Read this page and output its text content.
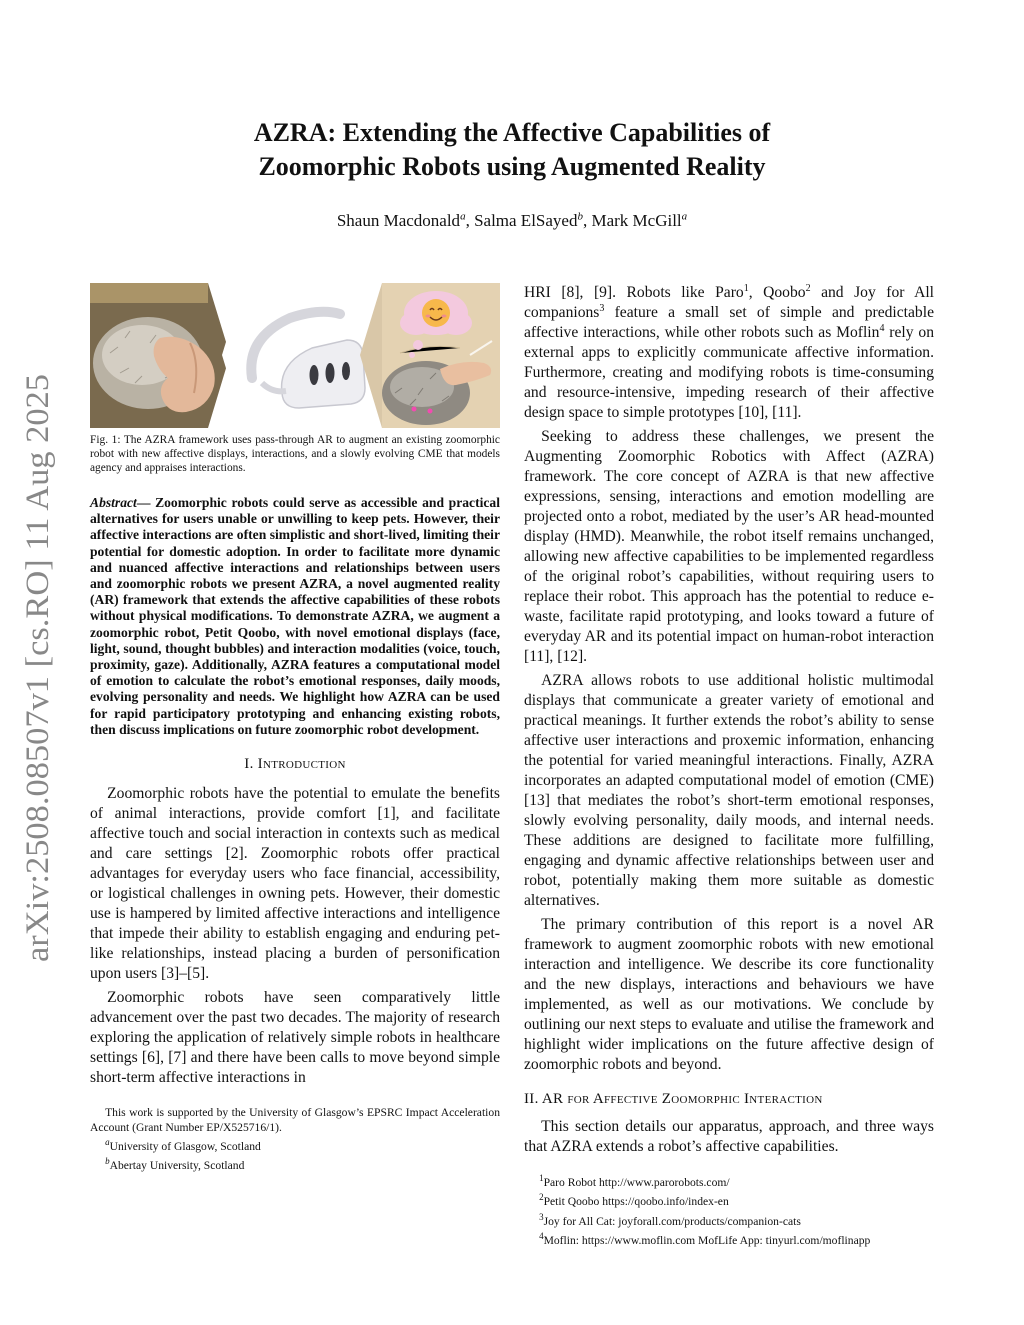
arXiv:2508.08507v1 [cs.RO] 11 Aug 2025
AZRA: Extending the Affective Capabilities of
Zoomorphic Robots using Augmented Reality
Shaun Macdonald$^a$, Salma ElSayed$^b$, Mark McGill$^a$
Fig. 1: The AZRA framework uses pass-through AR to augment an existing zoomorphic robot with new affective displays, interactions, and a slowly evolving CME that models agency and appraises interactions.
Abstract— Zoomorphic robots could serve as accessible and practical alternatives for users unable or unwilling to keep pets. However, their affective interactions are often simplistic and short-lived, limiting their potential for domestic adoption. In order to facilitate more dynamic and nuanced affective interactions and relationships between users and zoomorphic robots we present AZRA, a novel augmented reality (AR) framework that extends the affective capabilities of these robots without physical modifications. To demonstrate AZRA, we augment a zoomorphic robot, Petit Qoobo, with novel emotional displays (face, light, sound, thought bubbles) and interaction modalities (voice, touch, proximity, gaze). Additionally, AZRA features a computational model of emotion to calculate the robot’s emotional responses, daily moods, evolving personality and needs. We highlight how AZRA can be used for rapid participatory prototyping and enhancing existing robots, then discuss implications on future zoomorphic robot development.
I. Introduction
Zoomorphic robots have the potential to emulate the benefits of animal interactions, provide comfort [1], and facilitate affective touch and social interaction in contexts such as medical and care settings [2]. Zoomorphic robots offer practical advantages for everyday users who face financial, accessibility, or logistical challenges in owning pets. However, their domestic use is hampered by limited affective interactions and intelligence that impede their ability to establish engaging and enduring pet-like relationships, instead placing a burden of personification upon users [3]–[5].
Zoomorphic robots have seen comparatively little advancement over the past two decades. The majority of research exploring the application of relatively simple robots in healthcare settings [6], [7] and there have been calls to move beyond simple short-term affective interactions in

This work is supported by the University of Glasgow’s EPSRC Impact Acceleration Account (Grant Number EP/X525716/1).

$^a$University of Glasgow, Scotland

$^b$Abertay University, Scotland

HRI [8], [9]. Robots like Paro$^1$, Qoobo$^2$ and Joy for All companions$^3$ feature a small set of simple and predictable affective interactions, while other robots such as Moflin$^4$ rely on external apps to explicitly communicate affective information. Furthermore, creating and modifying robots is time-consuming and resource-intensive, impeding research of their affective design space to simple prototypes [10], [11].
Seeking to address these challenges, we present the Augmenting Zoomorphic Robotics with Affect (AZRA) framework. The core concept of AZRA is that new affective expressions, sensing, interactions and emotion modelling are projected onto a robot, mediated by the user’s AR head-mounted display (HMD). Meanwhile, the robot itself remains unchanged, allowing new affective capabilities to be implemented regardless of the original robot’s capabilities, without requiring users to replace their robot. This approach has the potential to reduce e-waste, facilitate rapid prototyping, and looks toward a future of everyday AR and its potential impact on human-robot interaction [11], [12].
AZRA allows robots to use additional holistic multimodal displays that communicate a greater variety of emotional and practical meanings. It further extends the robot’s ability to sense affective user interactions and proxemic information, enhancing the potential for varied meaningful interactions. Finally, AZRA incorporates an adapted computational model of emotion (CME) [13] that mediates the robot’s short-term emotional responses, slowly evolving personality, daily moods, and internal needs. These additions are designed to facilitate more fulfilling, engaging and dynamic affective relationships between user and robot, potentially making them more suitable as domestic alternatives.
The primary contribution of this report is a novel AR framework to augment zoomorphic robots with new emotional interaction and intelligence. We describe its core functionality and the new displays, interactions and behaviours we have implemented, as well as our motivations. We conclude by outlining our next steps to evaluate and utilise the framework and highlight wider implications on the future affective design of zoomorphic robots and beyond.
II. AR for Affective Zoomorphic Interaction
This section details our apparatus, approach, and three ways that AZRA extends a robot’s affective capabilities.

$^1$Paro Robot http://www.parorobots.com/

$^2$Petit Qoobo https://qoobo.info/index-en

$^3$Joy for All Cat: joyforall.com/products/companion-cats

$^4$Moflin: https://www.moflin.com MofLife App: tinyurl.com/moflinapp
